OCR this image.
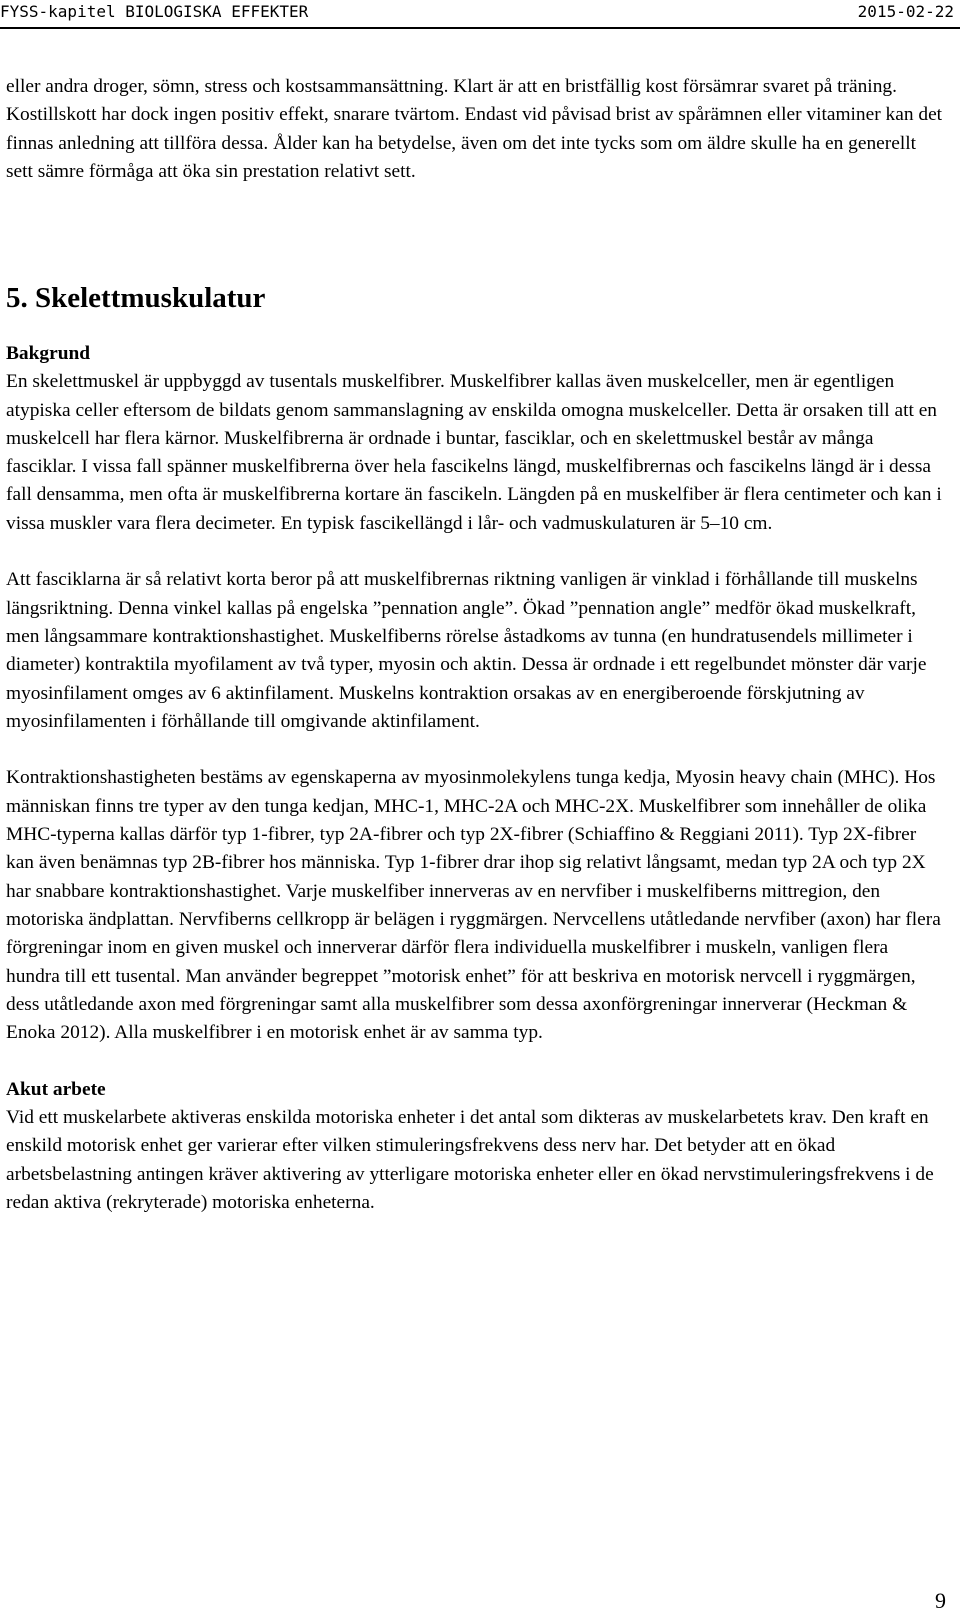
FYSS-kapitel BIOLOGISKA EFFEKTER	2015-02-22

eller andra droger, sömn, stress och kostsammansättning. Klart är att en bristfällig kost försämrar svaret på träning. Kostillskott har dock ingen positiv effekt, snarare tvärtom. Endast vid påvisad brist av spårämnen eller vitaminer kan det finnas anledning att tillföra dessa. Ålder kan ha betydelse, även om det inte tycks som om äldre skulle ha en generellt sett sämre förmåga att öka sin prestation relativt sett.

5. Skelettmuskulatur

Bakgrund

En skelettmuskel är uppbyggd av tusentals muskelfibrer. Muskelfibrer kallas även muskelceller, men är egentligen atypiska celler eftersom de bildats genom sammanslagning av enskilda omogna muskelceller. Detta är orsaken till att en muskelcell har flera kärnor. Muskelfibrerna är ordnade i buntar, fasciklar, och en skelettmuskel består av många fasciklar. I vissa fall spänner muskelfibrerna över hela fascikelns längd, muskelfibrernas och fascikelns längd är i dessa fall densamma, men ofta är muskelfibrerna kortare än fascikeln. Längden på en muskelfiber är flera centimeter och kan i vissa muskler vara flera decimeter. En typisk fascikellängd i lår- och vadmuskulaturen är 5–10 cm.

Att fasciklarna är så relativt korta beror på att muskelfibrernas riktning vanligen är vinklad i förhållande till muskelns längsriktning. Denna vinkel kallas på engelska ”pennation angle”. Ökad ”pennation angle” medför ökad muskelkraft, men långsammare kontraktionshastighet. Muskelfiberns rörelse åstadkoms av tunna (en hundratusendels millimeter i diameter) kontraktila myofilament av två typer, myosin och aktin. Dessa är ordnade i ett regelbundet mönster där varje myosinfilament omges av 6 aktinfilament. Muskelns kontraktion orsakas av en energiberoende förskjutning av myosinfilamenten i förhållande till omgivande aktinfilament.

Kontraktionshastigheten bestäms av egenskaperna av myosinmolekylens tunga kedja, Myosin heavy chain (MHC). Hos människan finns tre typer av den tunga kedjan, MHC-1, MHC-2A och MHC-2X. Muskelfibrer som innehåller de olika MHC-typerna kallas därför typ 1-fibrer, typ 2A-fibrer och typ 2X-fibrer (Schiaffino & Reggiani 2011). Typ 2X-fibrer kan även benämnas typ 2B-fibrer hos människa. Typ 1-fibrer drar ihop sig relativt långsamt, medan typ 2A och typ 2X har snabbare kontraktionshastighet. Varje muskelfiber innerveras av en nervfiber i muskelfiberns mittregion, den motoriska ändplattan. Nervfiberns cellkropp är belägen i ryggmärgen. Nervcellens utåtledande nervfiber (axon) har flera förgreningar inom en given muskel och innerverar därför flera individuella muskelfibrer i muskeln, vanligen flera hundra till ett tusental. Man använder begreppet ”motorisk enhet” för att beskriva en motorisk nervcell i ryggmärgen, dess utåtledande axon med förgreningar samt alla muskelfibrer som dessa axonförgreningar innerverar (Heckman & Enoka 2012). Alla muskelfibrer i en motorisk enhet är av samma typ.

Akut arbete

Vid ett muskelarbete aktiveras enskilda motoriska enheter i det antal som dikteras av muskelarbetets krav. Den kraft en enskild motorisk enhet ger varierar efter vilken stimuleringsfrekvens dess nerv har. Det betyder att en ökad arbetsbelastning antingen kräver aktivering av ytterligare motoriska enheter eller en ökad nervstimuleringsfrekvens i de redan aktiva (rekryterade) motoriska enheterna.

9
